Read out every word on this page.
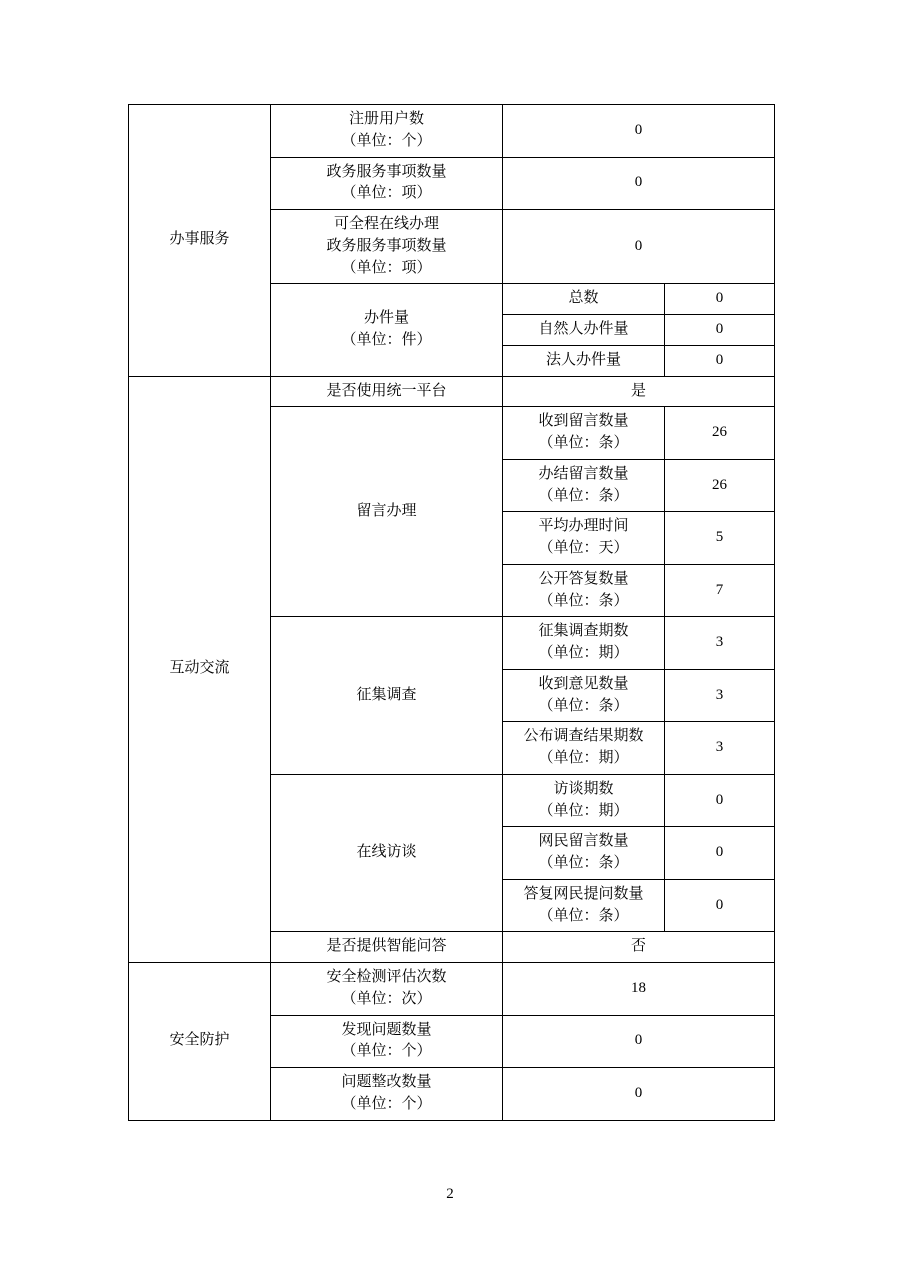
办事服务	注册用户数
（单位：个）	0	

	政务服务事项数量
（单位：项）	0	

	可全程在线办理
政务服务事项数量
（单位：项）	0	

	办件量
（单位：件）	总数	0
		自然人办件量	0
		法人办件量	0
互动交流	是否使用统一平台	是	
	留言办理	收到留言数量
（单位：条）	26

		办结留言数量
（单位：条）	26

		平均办理时间
（单位：天）	5

		公开答复数量
（单位：条）	7
	征集调查	征集调查期数
（单位：期）	3

		收到意见数量
（单位：条）	3

		公布调查结果期数
（单位：期）	3
	在线访谈	访谈期数
（单位：期）	0

		网民留言数量
（单位：条）	0

		答复网民提问数量
（单位：条）	0
	是否提供智能问答	否	
安全防护	安全检测评估次数
（单位：次）	18	

	发现问题数量
（单位：个）	0	

	问题整改数量
（单位：个）	0	
2
